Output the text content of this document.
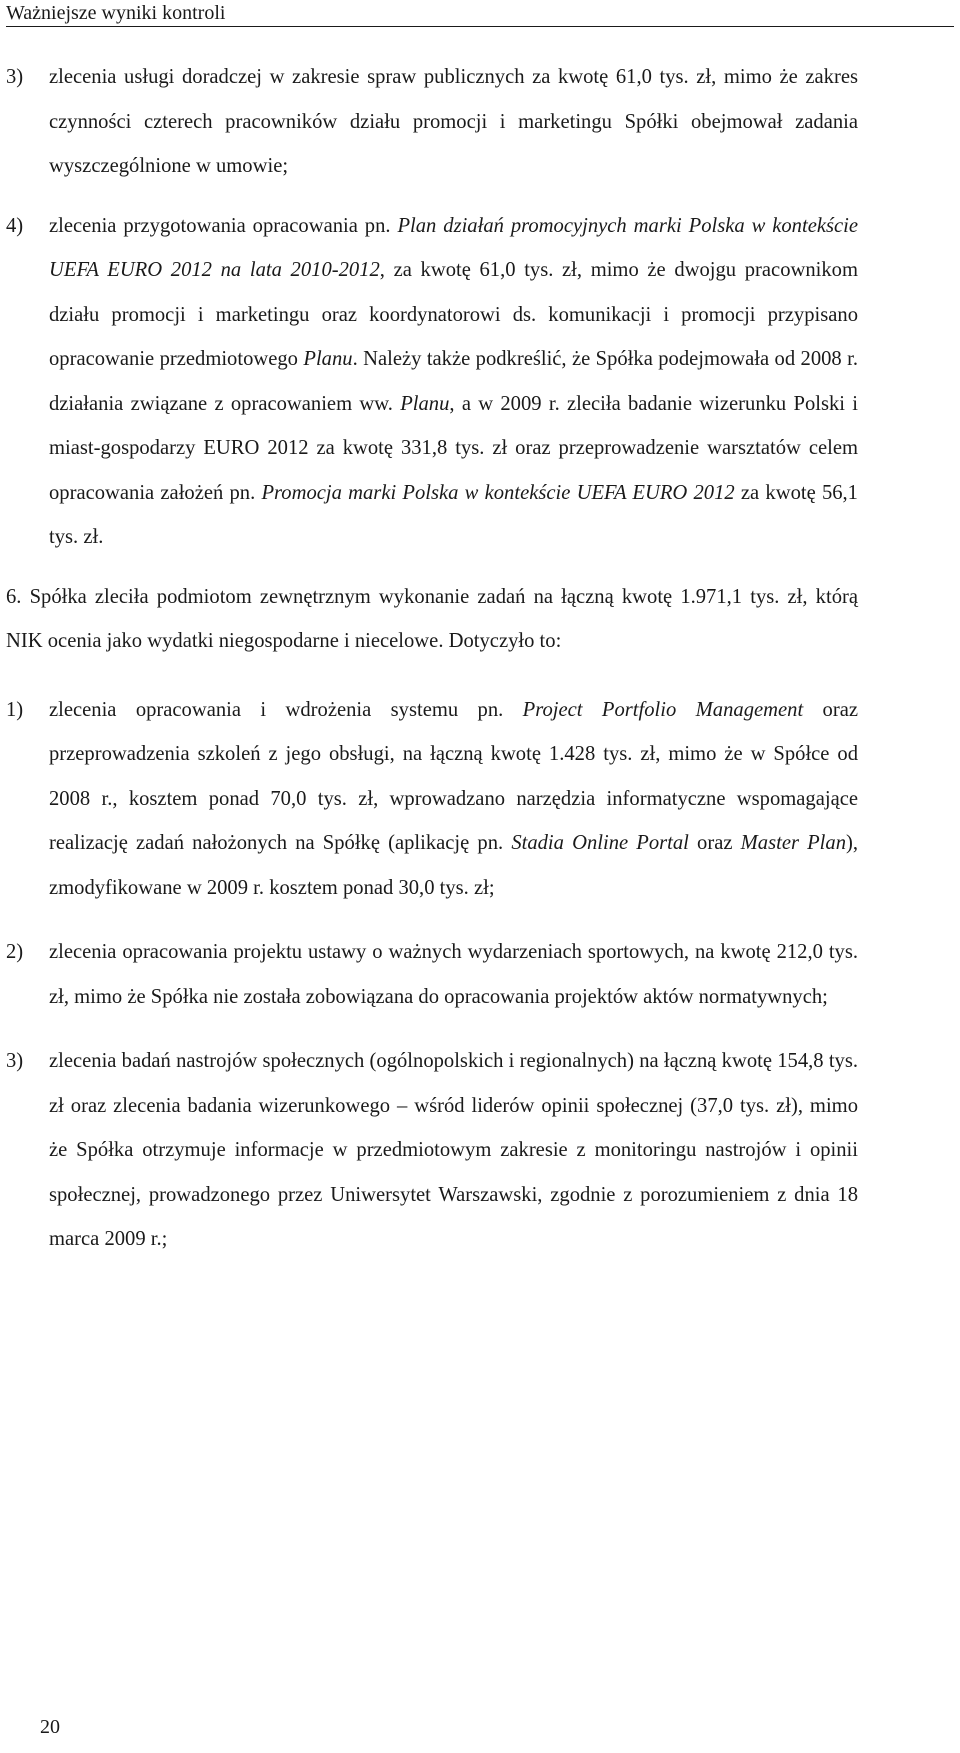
Ważniejsze wyniki kontroli
3) zlecenia usługi doradczej w zakresie spraw publicznych za kwotę 61,0 tys. zł, mimo że zakres czynności czterech pracowników działu promocji i marketingu Spółki obejmował zadania wyszczególnione w umowie;
4) zlecenia przygotowania opracowania pn. Plan działań promocyjnych marki Polska w kontekście UEFA EURO 2012 na lata 2010-2012, za kwotę 61,0 tys. zł, mimo że dwojgu pracownikom działu promocji i marketingu oraz koordynatorowi ds. komunikacji i promocji przypisano opracowanie przedmiotowego Planu. Należy także podkreślić, że Spółka podejmowała od 2008 r. działania związane z opracowaniem ww. Planu, a w 2009 r. zleciła badanie wizerunku Polski i miast-gospodarzy EURO 2012 za kwotę 331,8 tys. zł oraz przeprowadzenie warsztatów celem opracowania założeń pn. Promocja marki Polska w kontekście UEFA EURO 2012 za kwotę 56,1 tys. zł.
6. Spółka zleciła podmiotom zewnętrznym wykonanie zadań na łączną kwotę 1.971,1 tys. zł, którą NIK ocenia jako wydatki niegospodarne i niecelowe. Dotyczyło to:
1) zlecenia opracowania i wdrożenia systemu pn. Project Portfolio Management oraz przeprowadzenia szkoleń z jego obsługi, na łączną kwotę 1.428 tys. zł, mimo że w Spółce od 2008 r., kosztem ponad 70,0 tys. zł, wprowadzano narzędzia informatyczne wspomagające realizację zadań nałożonych na Spółkę (aplikację pn. Stadia Online Portal oraz Master Plan), zmodyfikowane w 2009 r. kosztem ponad 30,0 tys. zł;
2) zlecenia opracowania projektu ustawy o ważnych wydarzeniach sportowych, na kwotę 212,0 tys. zł, mimo że Spółka nie została zobowiązana do opracowania projektów aktów normatywnych;
3) zlecenia badań nastrojów społecznych (ogólnopolskich i regionalnych) na łączną kwotę 154,8 tys. zł oraz zlecenia badania wizerunkowego – wśród liderów opinii społecznej (37,0 tys. zł), mimo że Spółka otrzymuje informacje w przedmiotowym zakresie z monitoringu nastrojów i opinii społecznej, prowadzonego przez Uniwersytet Warszawski, zgodnie z porozumieniem z dnia 18 marca 2009 r.;
20
